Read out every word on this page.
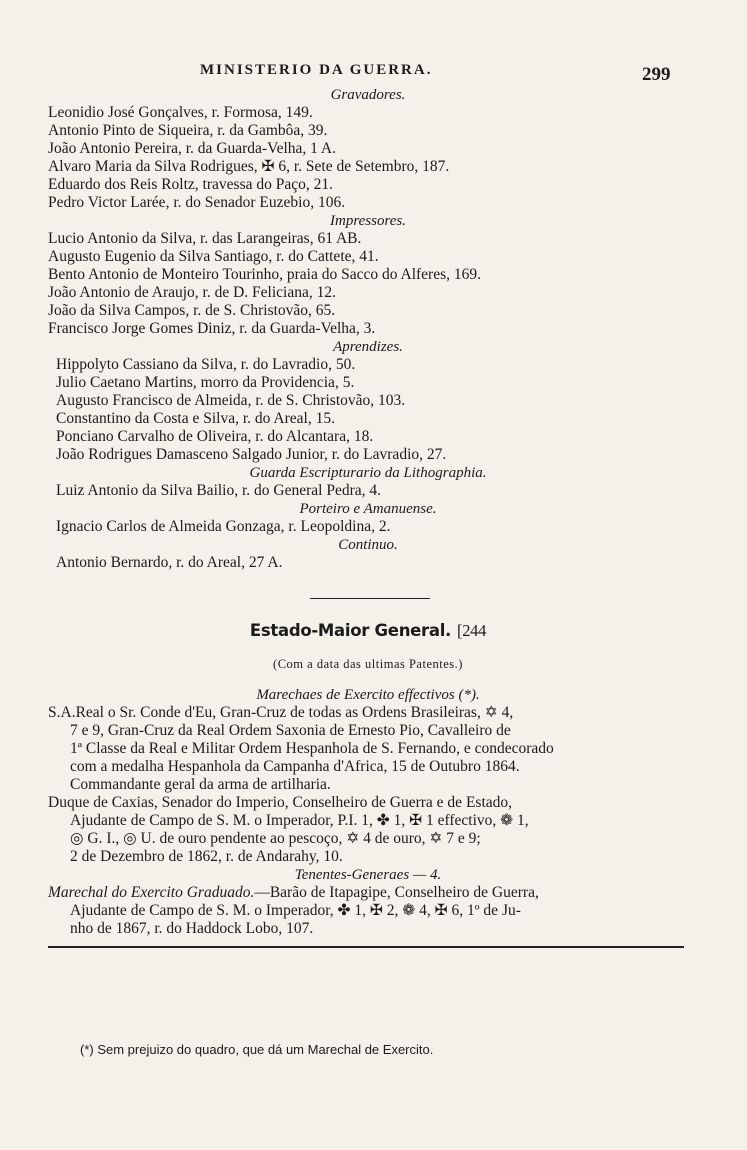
MINISTERIO DA GUERRA.	299

Gravadores.

Leonidio José Gonçalves, r. Formosa, 149.

Antonio Pinto de Siqueira, r. da Gambôa, 39.

João Antonio Pereira, r. da Guarda-Velha, 1 A.

Alvaro Maria da Silva Rodrigues, ✠ 6, r. Sete de Setembro, 187.

Eduardo dos Reis Roltz, travessa do Paço, 21.

Pedro Victor Larée, r. do Senador Euzebio, 106.

Impressores.

Lucio Antonio da Silva, r. das Larangeiras, 61 AB.

Augusto Eugenio da Silva Santiago, r. do Cattete, 41.

Bento Antonio de Monteiro Tourinho, praia do Sacco do Alferes, 169.

João Antonio de Araujo, r. de D. Feliciana, 12.

João da Silva Campos, r. de S. Christovão, 65.

Francisco Jorge Gomes Diniz, r. da Guarda-Velha, 3.

Aprendizes.

Hippolyto Cassiano da Silva, r. do Lavradio, 50.

Julio Caetano Martins, morro da Providencia, 5.

Augusto Francisco de Almeida, r. de S. Christovão, 103.

Constantino da Costa e Silva, r. do Areal, 15.

Ponciano Carvalho de Oliveira, r. do Alcantara, 18.

João Rodrigues Damasceno Salgado Junior, r. do Lavradio, 27.

Guarda Escripturario da Lithographia.

Luiz Antonio da Silva Bailio, r. do General Pedra, 4.

Porteiro e Amanuense.

Ignacio Carlos de Almeida Gonzaga, r. Leopoldina, 2.

Continuo.

Antonio Bernardo, r. do Areal, 27 A.

Estado-Maior General. [244

(Com a data das ultimas Patentes.)

Marechaes de Exercito effectivos (*).

S.A.Real o Sr. Conde d'Eu, Gran-Cruz de todas as Ordens Brasileiras, ✡ 4,
7 e 9, Gran-Cruz da Real Ordem Saxonia de Ernesto Pio, Cavalleiro de
1ª Classe da Real e Militar Ordem Hespanhola de S. Fernando, e condecorado
com a medalha Hespanhola da Campanha d'Africa, 15 de Outubro 1864.
Commandante geral da arma de artilharia.
Duque de Caxias, Senador do Imperio, Conselheiro de Guerra e de Estado,
Ajudante de Campo de S. M. o Imperador, P.I. 1, ✤ 1, ✠ 1 effectivo, ❁ 1,
◎ G. I., ◎ U. de ouro pendente ao pescoço, ✡ 4 de ouro, ✡ 7 e 9;
2 de Dezembro de 1862, r. de Andarahy, 10.

Tenentes-Generaes — 4.

Marechal do Exercito Graduado.—Barão de Itapagipe, Conselheiro de Guerra,
Ajudante de Campo de S. M. o Imperador, ✤ 1, ✠ 2, ❁ 4, ✠ 6, 1º de Ju-
nho de 1867, r. do Haddock Lobo, 107.
(*) Sem prejuizo do quadro, que dá um Marechal de Exercito.
